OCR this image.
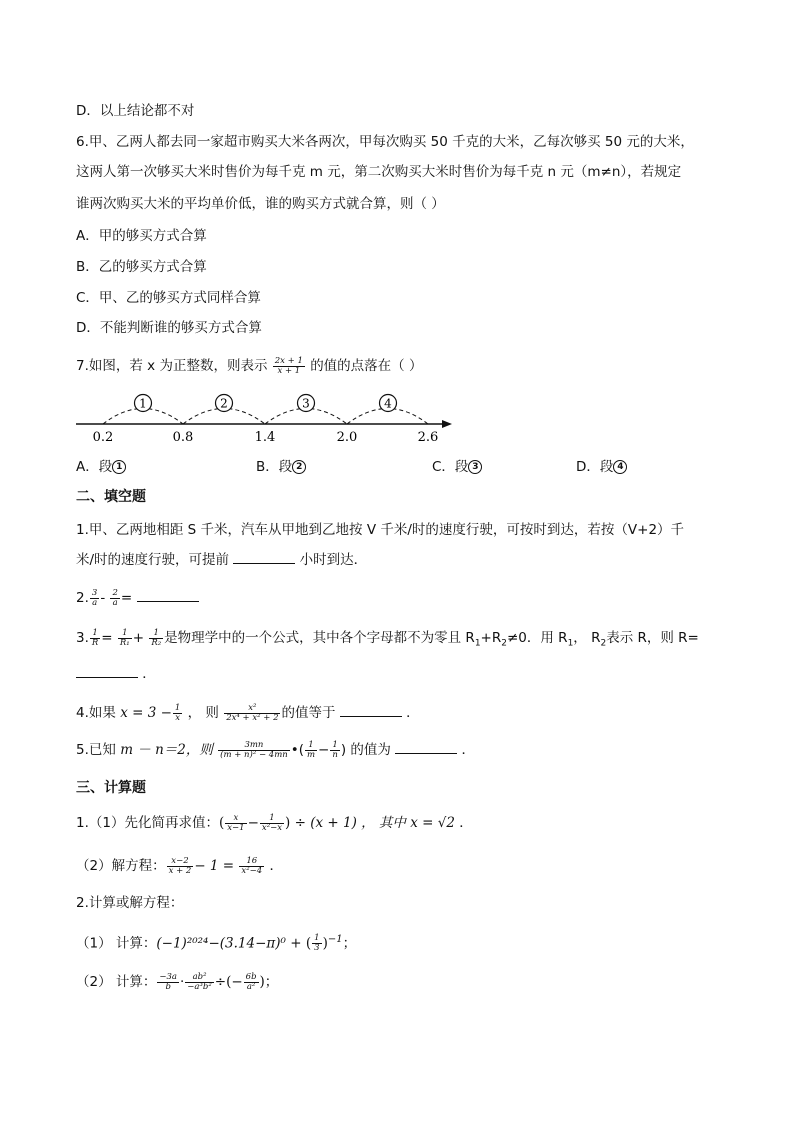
D．以上结论都不对
6.甲、乙两人都去同一家超市购买大米各两次，甲每次购买 50 千克的大米，乙每次够买 50 元的大米，
这两人第一次够买大米时售价为每千克 m 元，第二次购买大米时售价为每千克 n 元（m≠n），若规定
谁两次购买大米的平均单价低，谁的购买方式就合算，则（ ）
A．甲的够买方式合算
B．乙的够买方式合算
C．甲、乙的够买方式同样合算
D．不能判断谁的够买方式合算
7.如图，若 x 为正整数，则表示 $\frac{2x + 1}{x + 1}$ 的值的点落在（ ）
1	2	3	4
0.2	0.8	1.4	2.0	2.6
A．段 1	B．段 2	C．段 3	D．段 4
二、填空题
1.甲、乙两地相距 S 千米，汽车从甲地到乙地按 V 千米/时的速度行驶，可按时到达，若按（V+2）千
米/时的速度行驶，可提前	小时到达．
2. $\frac{3}{a} - \frac{2}{a}$ =
3. $\frac{1}{R} = \frac{1}{\text{R₁}} + \frac{1}{\text{R₂}}$ 是物理学中的一个公式，其中各个字母都不为零且 $R_1+R_2\ne 0$．用 $R_1$， $R_2$表示 R，则 R=
．
4.如果 $x = 3 - \frac{1}{x}$ ， 则 $\frac{\text{x²}}{\text{2x⁴ + x² + 2}}$ 的值等于	．
5.已知 m － n＝2，则 $\frac{3mn}{\text{(m + n)² − 4mn}}$ •( $\frac{1}{m} - \frac{1}{n}$ ) 的值为	．
三、计算题
1.（1）先化简再求值：( $\frac{x}{x-1} - \frac{1}{\text{x²−x}}$ ) ÷ (x + 1) ， 其中 x = √2 ．
（2）解方程： $\frac{x-2}{x + 2} - 1 = \frac{16}{\text{x²−4}}$ ．
2.计算或解方程：
（1） 计算：(−1)²⁰²⁴−(3.14−π)⁰ + ( $\frac{1}{3} )^{-1}$；
（2） 计算： $\frac{-3a}{b} \cdot \frac{\text{ab²}}{\text{−a³b²}}$ ÷(− $\frac{6b}{\text{a²}}$ )；
